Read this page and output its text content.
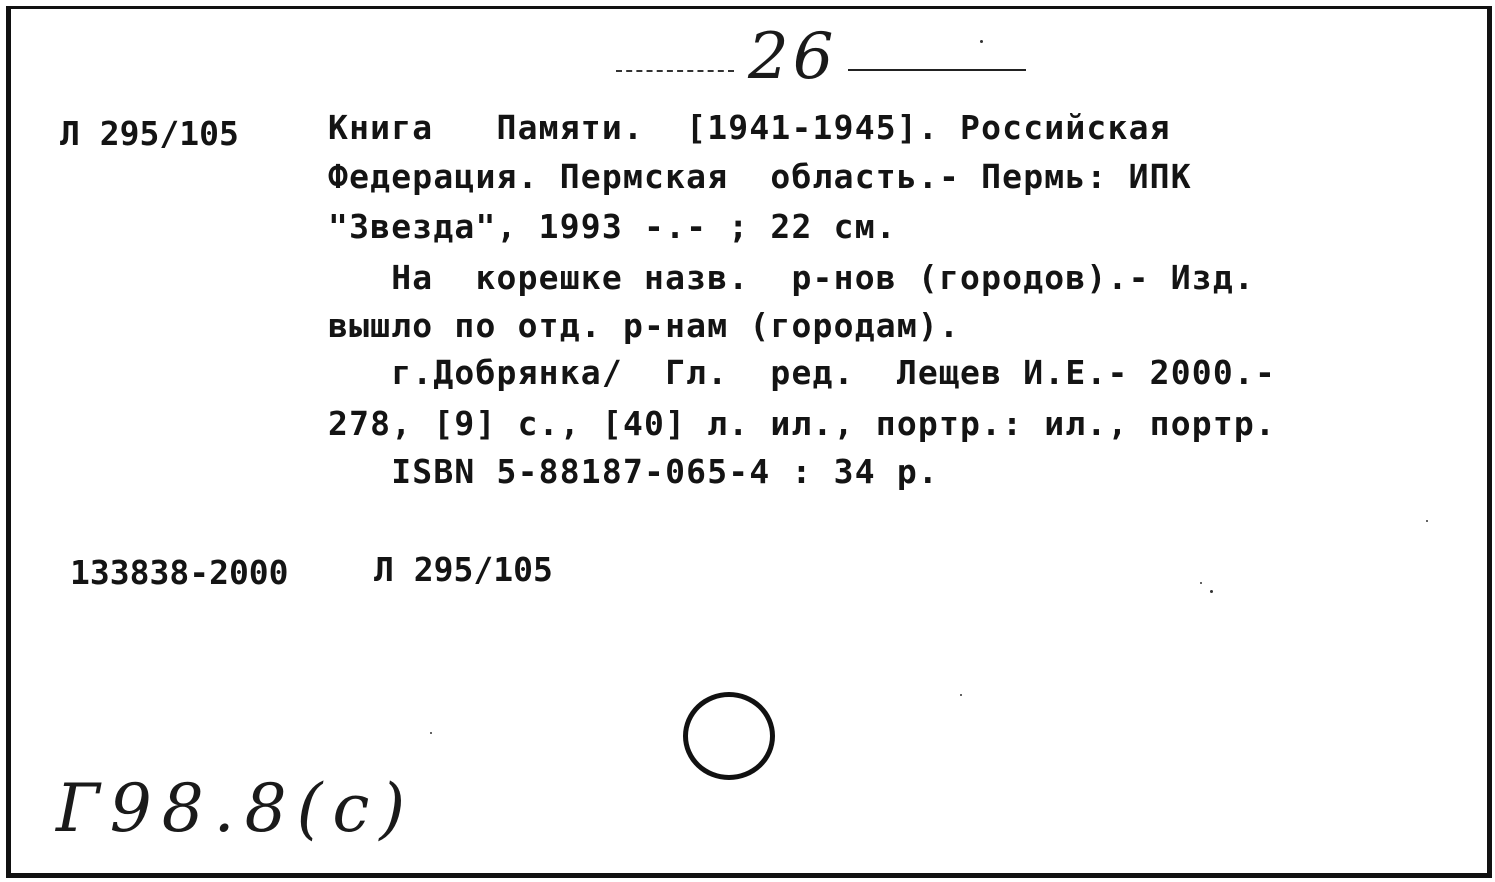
26
Л 295/105	Книга   Памяти.  [1941-1945]. Российская
Федерация. Пермская  область.- Пермь: ИПК
"Звезда", 1993 -.- ; 22 см.
На  корешке назв.  р-нов (городов).- Изд.
вышло по отд. р-нам (городам).
г.Добрянка/  Гл.  ред.  Лещев И.Е.- 2000.-
278, [9] с., [40] л. ил., портр.: ил., портр.
ISBN 5-88187-065-4 : 34 р.
133838-2000	Л 295/105
Г98.8(с)
